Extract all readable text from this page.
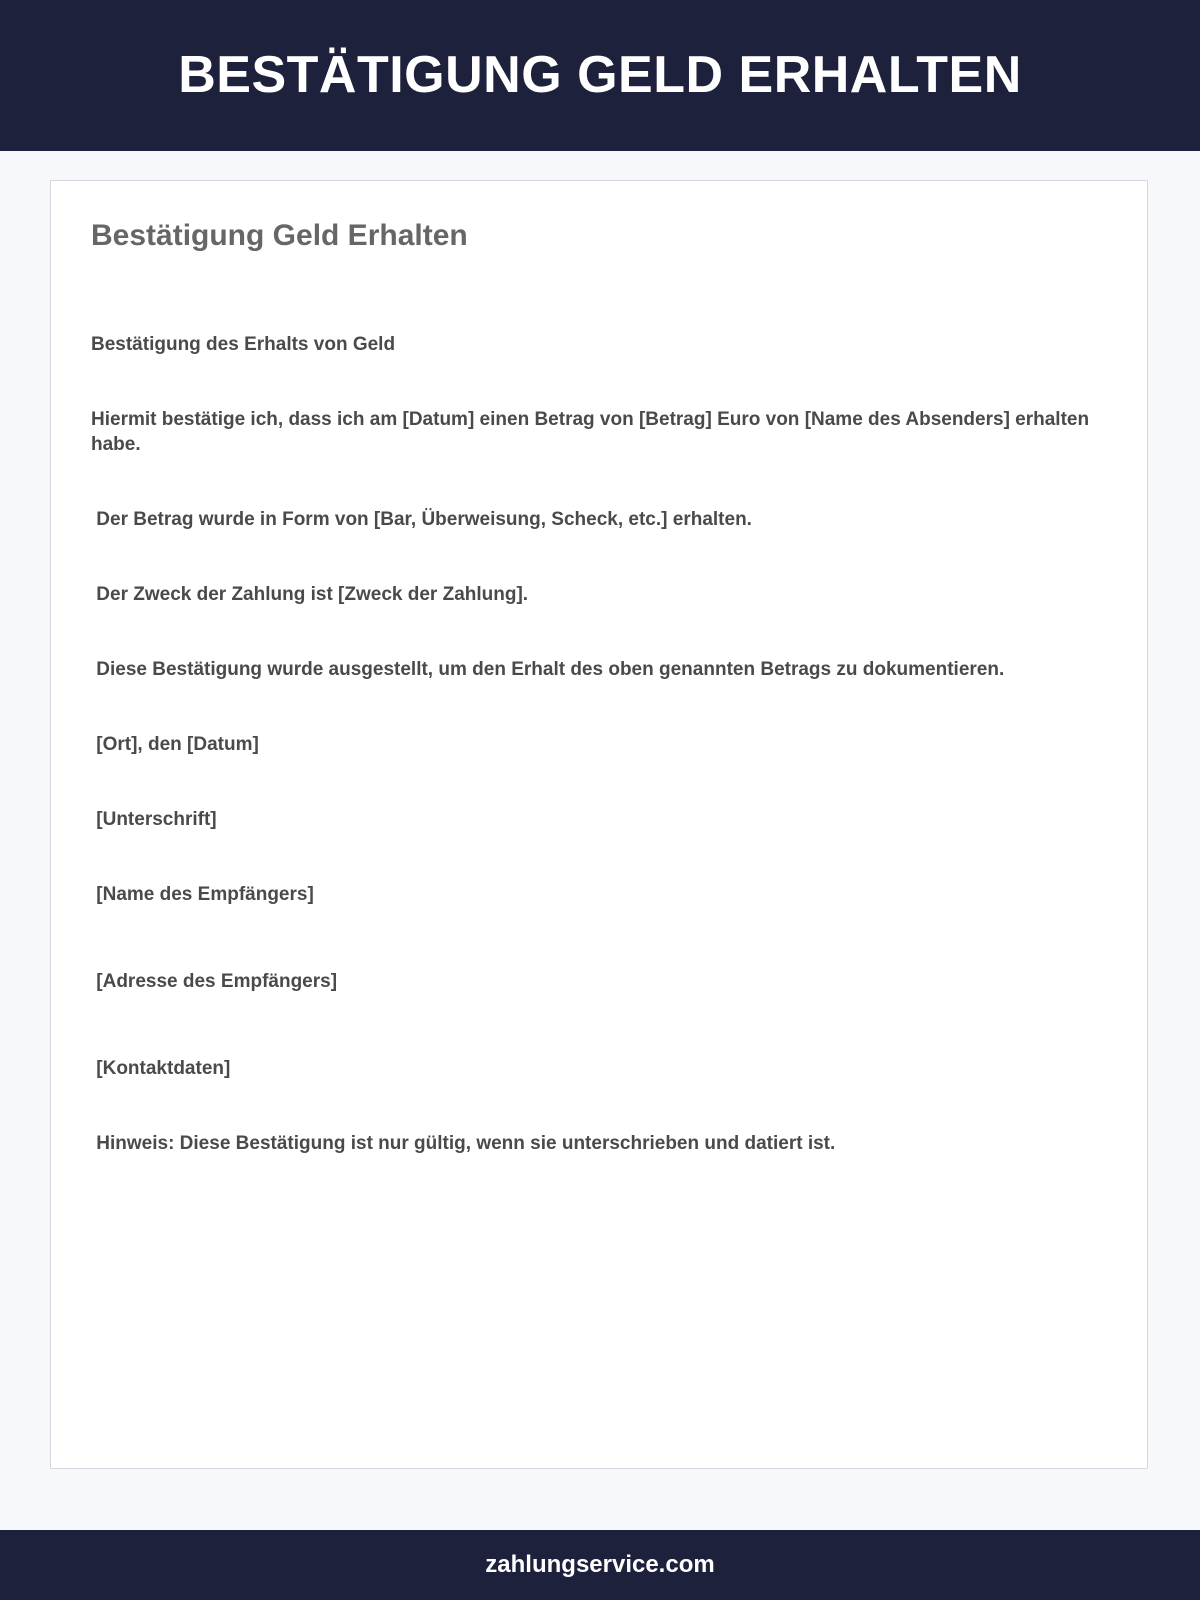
BESTÄTIGUNG GELD ERHALTEN
Bestätigung Geld Erhalten

Bestätigung des Erhalts von Geld

Hiermit bestätige ich, dass ich am [Datum] einen Betrag von [Betrag] Euro von [Name des Absenders] erhalten habe.

Der Betrag wurde in Form von [Bar, Überweisung, Scheck, etc.] erhalten.

Der Zweck der Zahlung ist [Zweck der Zahlung].

Diese Bestätigung wurde ausgestellt, um den Erhalt des oben genannten Betrags zu dokumentieren.

[Ort], den [Datum]

[Unterschrift]

[Name des Empfängers]

[Adresse des Empfängers]

[Kontaktdaten]

Hinweis: Diese Bestätigung ist nur gültig, wenn sie unterschrieben und datiert ist.

zahlungservice.com
